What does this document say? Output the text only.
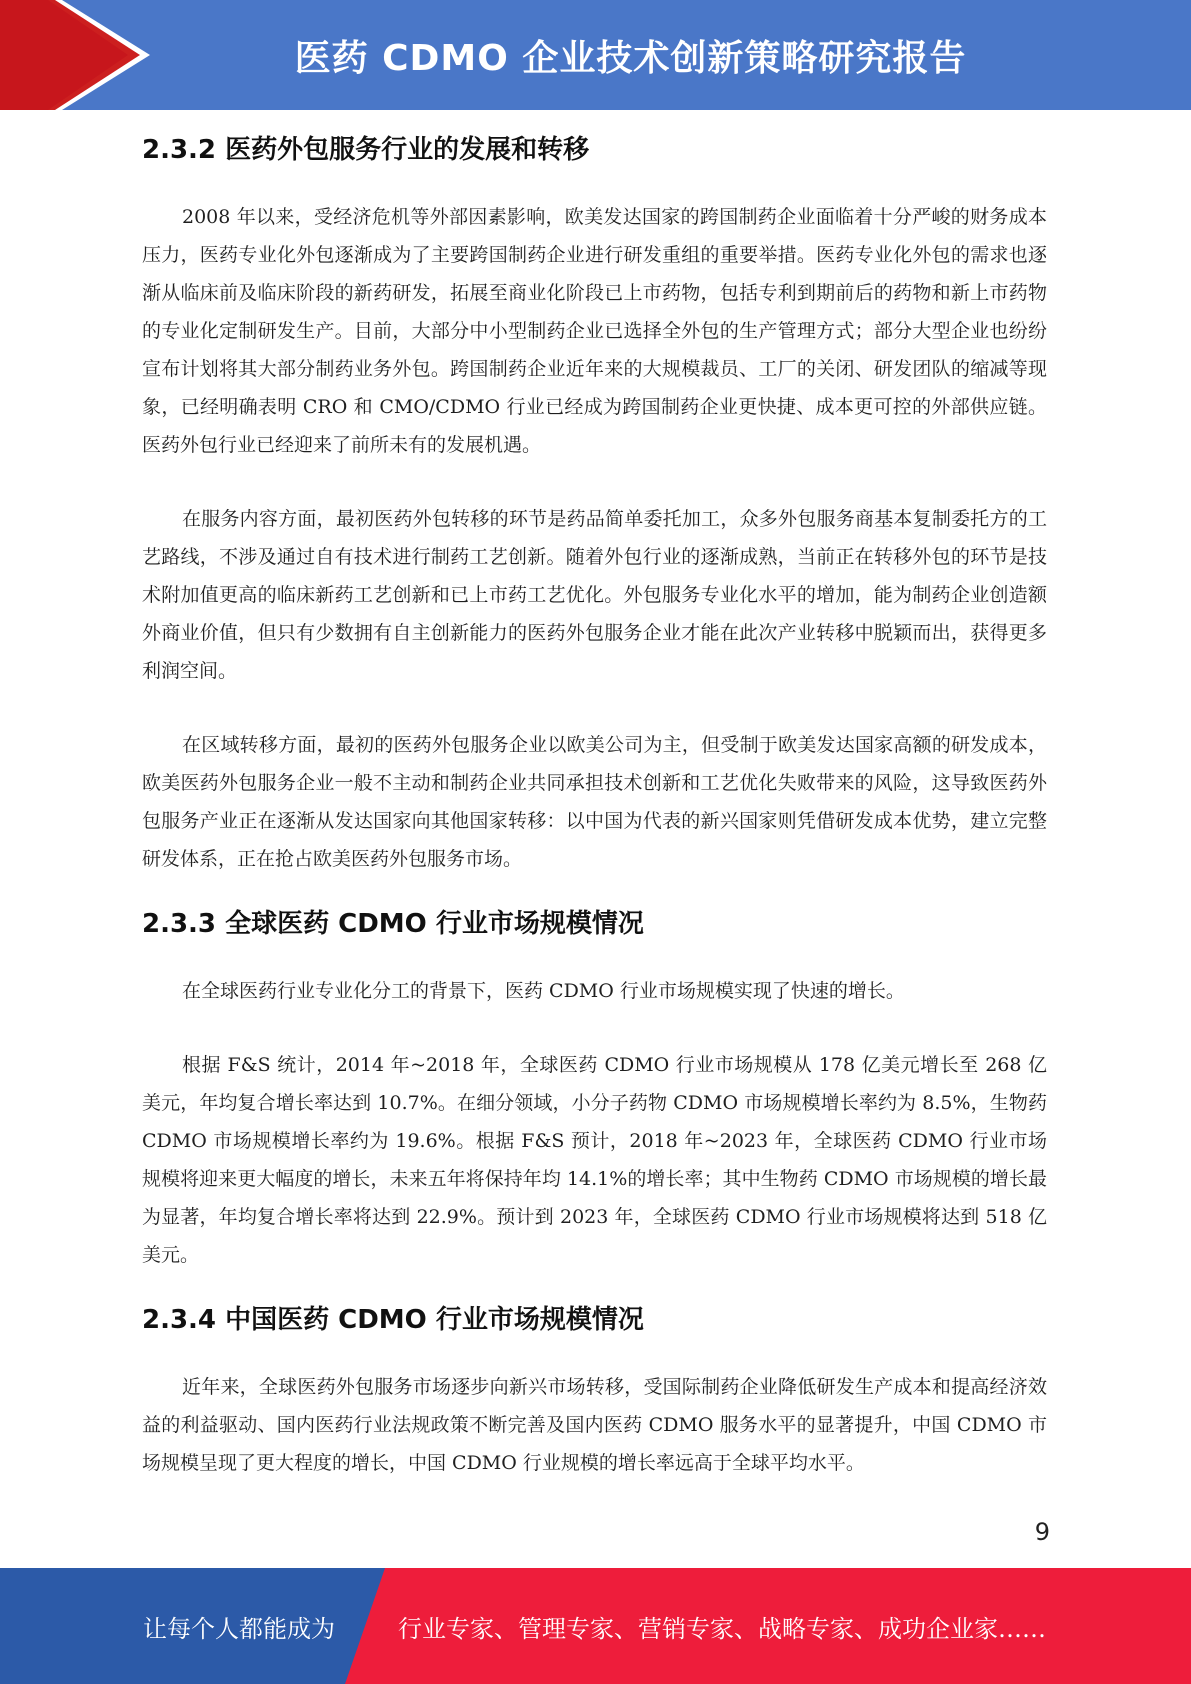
医药 CDMO 企业技术创新策略研究报告
2.3.2 医药外包服务行业的发展和转移

2008 年以来，受经济危机等外部因素影响，欧美发达国家的跨国制药企业面临着十分严峻的财务成本压力，医药专业化外包逐渐成为了主要跨国制药企业进行研发重组的重要举措。医药专业化外包的需求也逐渐从临床前及临床阶段的新药研发，拓展至商业化阶段已上市药物，包括专利到期前后的药物和新上市药物的专业化定制研发生产。目前，大部分中小型制药企业已选择全外包的生产管理方式；部分大型企业也纷纷宣布计划将其大部分制药业务外包。跨国制药企业近年来的大规模裁员、工厂的关闭、研发团队的缩减等现象，已经明确表明 CRO 和 CMO/CDMO 行业已经成为跨国制药企业更快捷、成本更可控的外部供应链。医药外包行业已经迎来了前所未有的发展机遇。

在服务内容方面，最初医药外包转移的环节是药品简单委托加工，众多外包服务商基本复制委托方的工艺路线，不涉及通过自有技术进行制药工艺创新。随着外包行业的逐渐成熟，当前正在转移外包的环节是技术附加值更高的临床新药工艺创新和已上市药工艺优化。外包服务专业化水平的增加，能为制药企业创造额外商业价值，但只有少数拥有自主创新能力的医药外包服务企业才能在此次产业转移中脱颖而出，获得更多利润空间。

在区域转移方面，最初的医药外包服务企业以欧美公司为主，但受制于欧美发达国家高额的研发成本，欧美医药外包服务企业一般不主动和制药企业共同承担技术创新和工艺优化失败带来的风险，这导致医药外包服务产业正在逐渐从发达国家向其他国家转移：以中国为代表的新兴国家则凭借研发成本优势，建立完整研发体系，正在抢占欧美医药外包服务市场。

2.3.3 全球医药 CDMO 行业市场规模情况

在全球医药行业专业化分工的背景下，医药 CDMO 行业市场规模实现了快速的增长。

根据 F&S 统计，2014 年~2018 年，全球医药 CDMO 行业市场规模从 178 亿美元增长至 268 亿美元，年均复合增长率达到 10.7%。在细分领域，小分子药物 CDMO 市场规模增长率约为 8.5%，生物药 CDMO 市场规模增长率约为 19.6%。根据 F&S 预计，2018 年~2023 年，全球医药 CDMO 行业市场规模将迎来更大幅度的增长，未来五年将保持年均 14.1%的增长率；其中生物药 CDMO 市场规模的增长最为显著，年均复合增长率将达到 22.9%。预计到 2023 年，全球医药 CDMO 行业市场规模将达到 518 亿美元。

2.3.4 中国医药 CDMO 行业市场规模情况

近年来，全球医药外包服务市场逐步向新兴市场转移，受国际制药企业降低研发生产成本和提高经济效益的利益驱动、国内医药行业法规政策不断完善及国内医药 CDMO 服务水平的显著提升，中国 CDMO 市场规模呈现了更大程度的增长，中国 CDMO 行业规模的增长率远高于全球平均水平。

9
让每个人都能成为	行业专家、管理专家、营销专家、战略专家、成功企业家……
